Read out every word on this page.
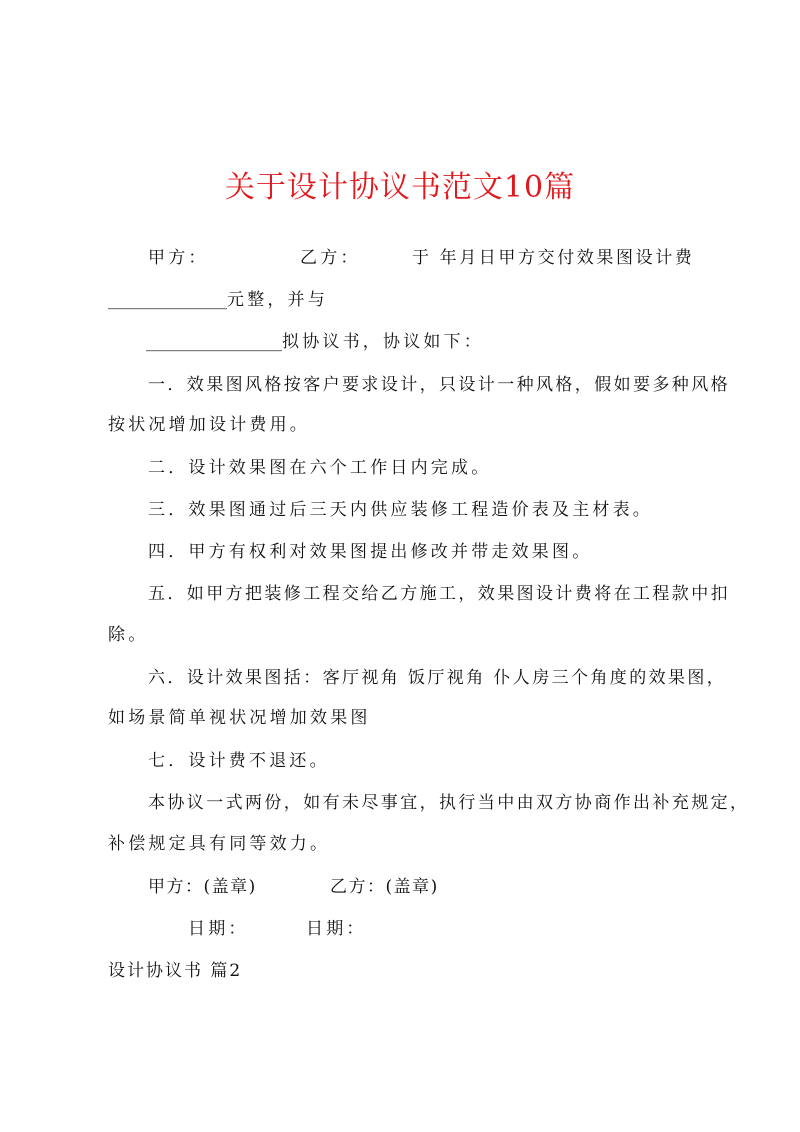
关于设计协议书范文10篇
甲方：	乙方：	于 年月日甲方交付效果图设计费
______________元整，并与
________________拟协议书，协议如下：
一．效果图风格按客户要求设计，只设计一种风格，假如要多种风格
按状况增加设计费用。
二．设计效果图在六个工作日内完成。
三．效果图通过后三天内供应装修工程造价表及主材表。
四．甲方有权利对效果图提出修改并带走效果图。
五．如甲方把装修工程交给乙方施工，效果图设计费将在工程款中扣
除。
六．设计效果图括：客厅视角 饭厅视角 仆人房三个角度的效果图，
如场景简单视状况增加效果图
七．设计费不退还。
本协议一式两份，如有未尽事宜，执行当中由双方协商作出补充规定，
补偿规定具有同等效力。
甲方：(盖章)	乙方：(盖章)
日期：	日期：
设计协议书 篇2
